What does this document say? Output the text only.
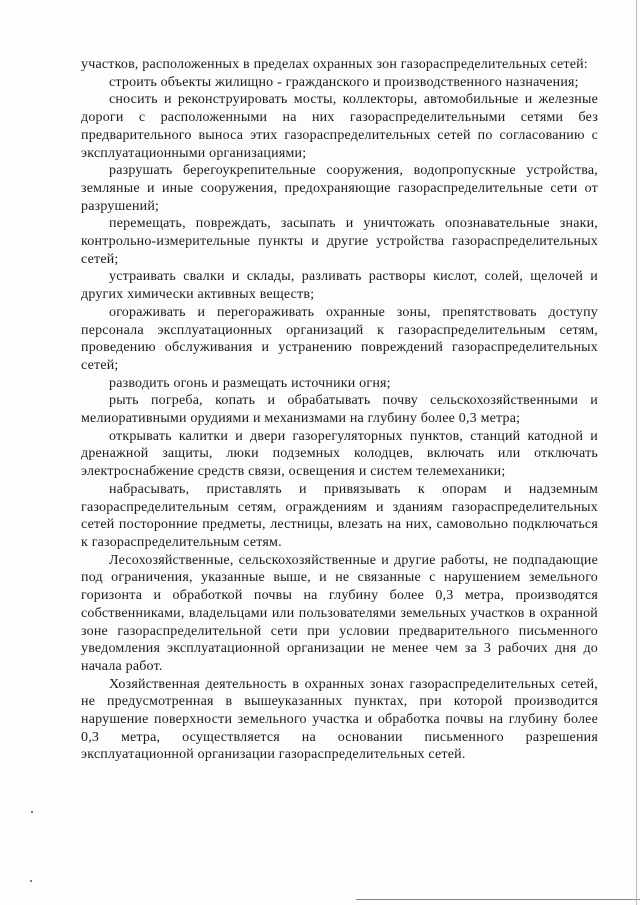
участков, расположенных в пределах охранных зон газораспределительных сетей:

строить объекты жилищно - гражданского и производственного назначения;

сносить и реконструировать мосты, коллекторы, автомобильные и железные дороги с расположенными на них газораспределительными сетями без предварительного выноса этих газораспределительных сетей по согласованию с эксплуатационными организациями;

разрушать берегоукрепительные сооружения, водопропускные устройства, земляные и иные сооружения, предохраняющие газораспределительные сети от разрушений;

перемещать, повреждать, засыпать и уничтожать опознавательные знаки, контрольно-измерительные пункты и другие устройства газораспределительных сетей;

устраивать свалки и склады, разливать растворы кислот, солей, щелочей и других химически активных веществ;

огораживать и перегораживать охранные зоны, препятствовать доступу персонала эксплуатационных организаций к газораспределительным сетям, проведению обслуживания и устранению повреждений газораспределительных сетей;

разводить огонь и размещать источники огня;

рыть погреба, копать и обрабатывать почву сельскохозяйственными и мелиоративными орудиями и механизмами на глубину более 0,3 метра;

открывать калитки и двери газорегуляторных пунктов, станций катодной и дренажной защиты, люки подземных колодцев, включать или отключать электроснабжение средств связи, освещения и систем телемеханики;

набрасывать, приставлять и привязывать к опорам и надземным газораспределительным сетям, ограждениям и зданиям газораспределительных сетей посторонние предметы, лестницы, влезать на них, самовольно подключаться к газораспределительным сетям.

Лесохозяйственные, сельскохозяйственные и другие работы, не подпадающие под ограничения, указанные выше, и не связанные с нарушением земельного горизонта и обработкой почвы на глубину более 0,3 метра, производятся собственниками, владельцами или пользователями земельных участков в охранной зоне газораспределительной сети при условии предварительного письменного уведомления эксплуатационной организации не менее чем за 3 рабочих дня до начала работ.

Хозяйственная деятельность в охранных зонах газораспределительных сетей, не предусмотренная в вышеуказанных пунктах, при которой производится нарушение поверхности земельного участка и обработка почвы на глубину более 0,3 метра, осуществляется на основании письменного разрешения эксплуатационной организации газораспределительных сетей.
